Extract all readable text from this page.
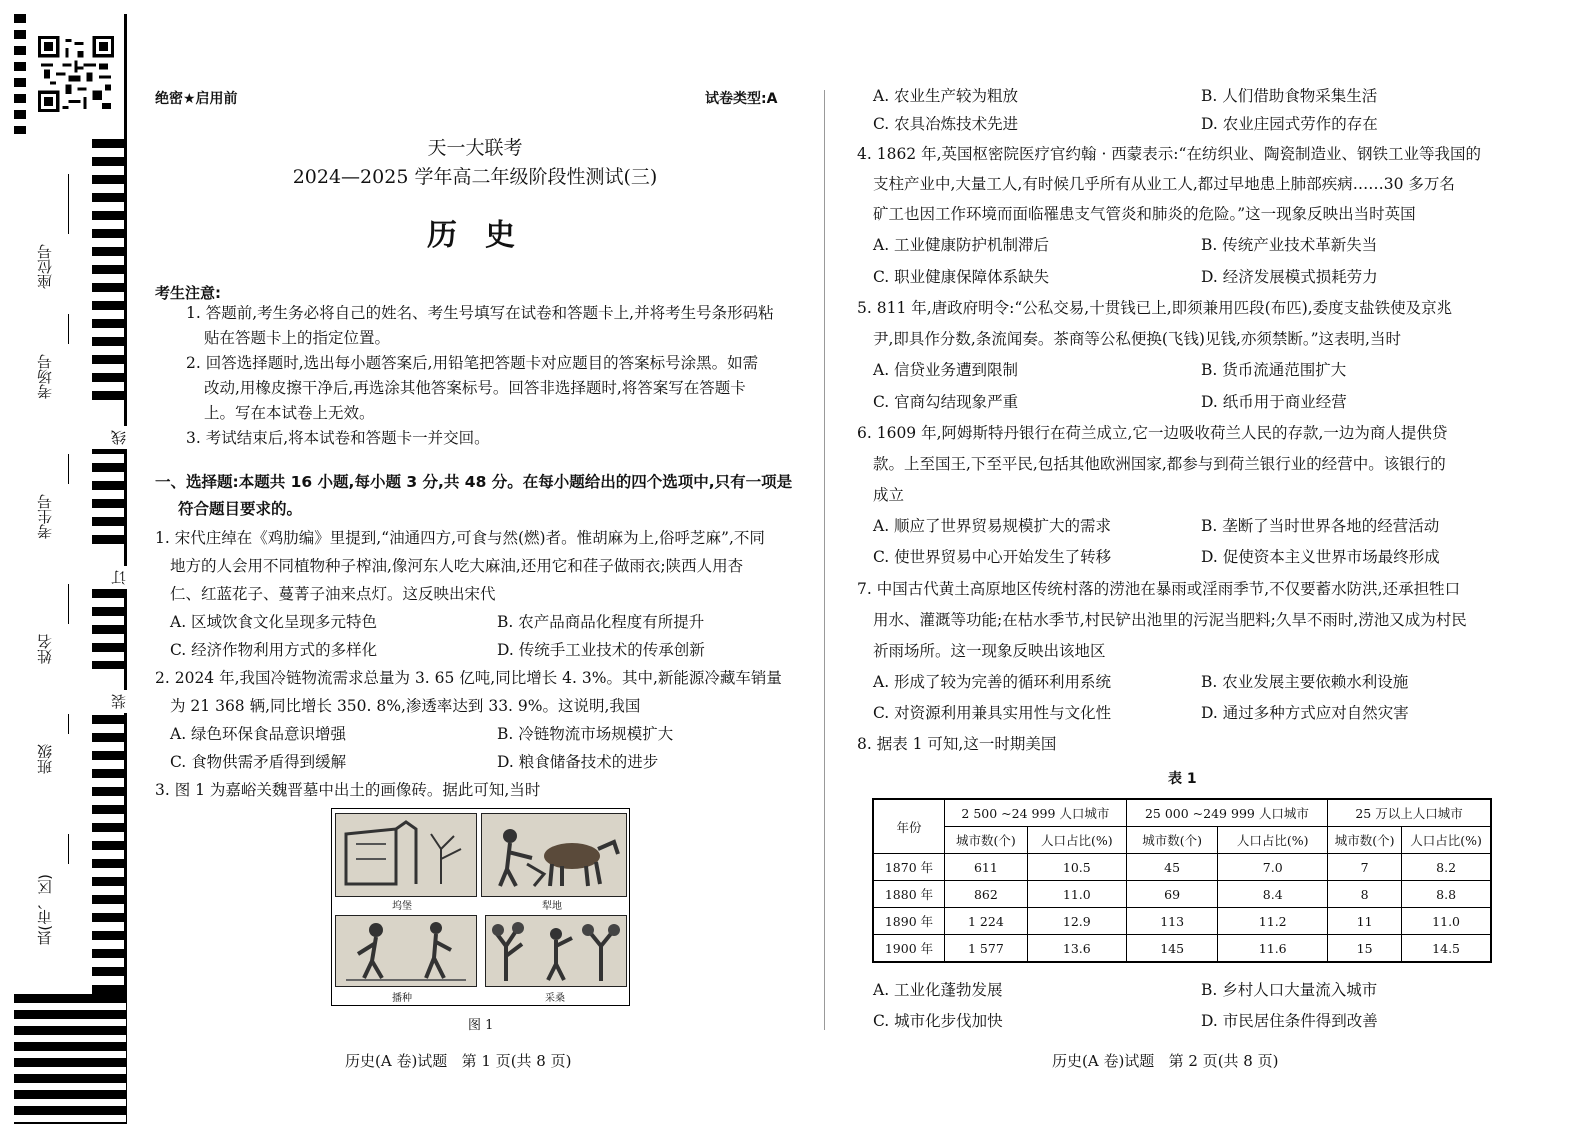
座位号
考场号
考生号
姓名
班级
县(市、区)
线
订
装
绝密★启用前	试卷类型:A
天一大联考
2024—2025 学年高二年级阶段性测试(三)
历史
考生注意:
1. 答题前,考生务必将自己的姓名、考生号填写在试卷和答题卡上,并将考生号条形码粘
贴在答题卡上的指定位置。
2. 回答选择题时,选出每小题答案后,用铅笔把答题卡对应题目的答案标号涂黑。如需
改动,用橡皮擦干净后,再选涂其他答案标号。回答非选择题时,将答案写在答题卡
上。写在本试卷上无效。
3. 考试结束后,将本试卷和答题卡一并交回。
一、选择题:本题共 16 小题,每小题 3 分,共 48 分。在每小题给出的四个选项中,只有一项是
符合题目要求的。
1. 宋代庄绰在《鸡肋编》里提到,“油通四方,可食与然(燃)者。惟胡麻为上,俗呼芝麻”,不同
地方的人会用不同植物种子榨油,像河东人吃大麻油,还用它和荏子做雨衣;陕西人用杏
仁、红蓝花子、蔓菁子油来点灯。这反映出宋代
A. 区域饮食文化呈现多元特色	B. 农产品商品化程度有所提升
C. 经济作物利用方式的多样化	D. 传统手工业技术的传承创新
2. 2024 年,我国冷链物流需求总量为 3. 65 亿吨,同比增长 4. 3%。其中,新能源冷藏车销量
为 21 368 辆,同比增长 350. 8%,渗透率达到 33. 9%。这说明,我国
A. 绿色环保食品意识增强	B. 冷链物流市场规模扩大
C. 食物供需矛盾得到缓解	D. 粮食储备技术的进步
3. 图 1 为嘉峪关魏晋墓中出土的画像砖。据此可知,当时
坞堡	犁地
播种	采桑
图 1
历史(A 卷)试题   第 1 页(共 8 页)
A. 农业生产较为粗放	B. 人们借助食物采集生活
C. 农具冶炼技术先进	D. 农业庄园式劳作的存在
4. 1862 年,英国枢密院医疗官约翰 · 西蒙表示:“在纺织业、陶瓷制造业、钢铁工业等我国的
支柱产业中,大量工人,有时候几乎所有从业工人,都过早地患上肺部疾病……30 多万名
矿工也因工作环境而面临罹患支气管炎和肺炎的危险。”这一现象反映出当时英国
A. 工业健康防护机制滞后	B. 传统产业技术革新失当
C. 职业健康保障体系缺失	D. 经济发展模式损耗劳力
5. 811 年,唐政府明令:“公私交易,十贯钱已上,即须兼用匹段(布匹),委度支盐铁使及京兆
尹,即具作分数,条流闻奏。茶商等公私便换(飞钱)见钱,亦须禁断。”这表明,当时
A. 信贷业务遭到限制	B. 货币流通范围扩大
C. 官商勾结现象严重	D. 纸币用于商业经营
6. 1609 年,阿姆斯特丹银行在荷兰成立,它一边吸收荷兰人民的存款,一边为商人提供贷
款。上至国王,下至平民,包括其他欧洲国家,都参与到荷兰银行业的经营中。该银行的
成立
A. 顺应了世界贸易规模扩大的需求	B. 垄断了当时世界各地的经营活动
C. 使世界贸易中心开始发生了转移	D. 促使资本主义世界市场最终形成
7. 中国古代黄土高原地区传统村落的涝池在暴雨或淫雨季节,不仅要蓄水防洪,还承担牲口
用水、灌溉等功能;在枯水季节,村民铲出池里的污泥当肥料;久旱不雨时,涝池又成为村民
祈雨场所。这一现象反映出该地区
A. 形成了较为完善的循环利用系统	B. 农业发展主要依赖水利设施
C. 对资源利用兼具实用性与文化性	D. 通过多种方式应对自然灾害
8. 据表 1 可知,这一时期美国
表 1
年份	2 500 ~24 999 人口城市		25 000 ~249 999 人口城市		25 万以上人口城市	
	城市数(个)	人口占比(%)	城市数(个)	人口占比(%)	城市数(个)	人口占比(%)
1870 年	611	10.5	45	7.0	7	8.2
1880 年	862	11.0	69	8.4	8	8.8
1890 年	1 224	12.9	113	11.2	11	11.0
1900 年	1 577	13.6	145	11.6	15	14.5
A. 工业化蓬勃发展	B. 乡村人口大量流入城市
C. 城市化步伐加快	D. 市民居住条件得到改善
历史(A 卷)试题   第 2 页(共 8 页)
